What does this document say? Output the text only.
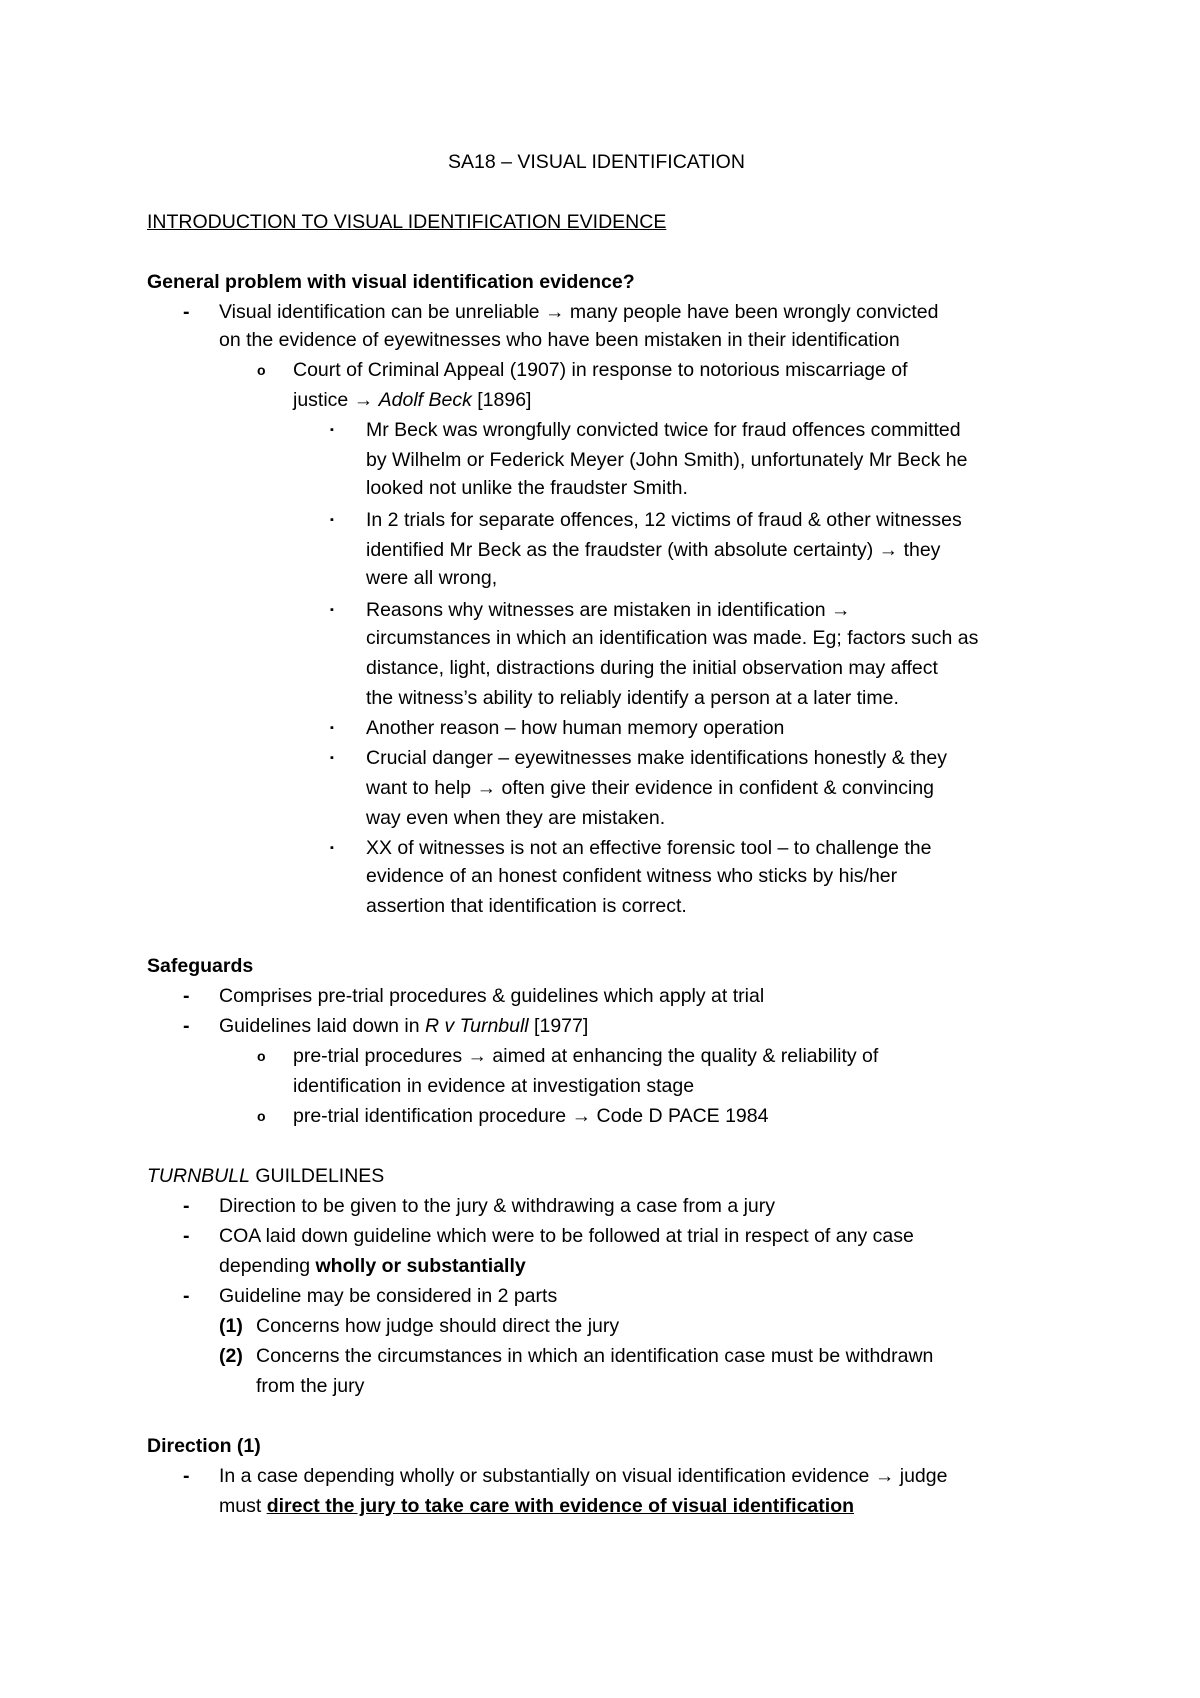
SA18 – VISUAL IDENTIFICATION
INTRODUCTION TO VISUAL IDENTIFICATION EVIDENCE
General problem with visual identification evidence?
- Visual identification can be unreliable → many people have been wrongly convicted
on the evidence of eyewitnesses who have been mistaken in their identification
o Court of Criminal Appeal (1907) in response to notorious miscarriage of
justice → Adolf Beck [1896]
▪ Mr Beck was wrongfully convicted twice for fraud offences committed
by Wilhelm or Federick Meyer (John Smith), unfortunately Mr Beck he
looked not unlike the fraudster Smith.
▪ In 2 trials for separate offences, 12 victims of fraud & other witnesses
identified Mr Beck as the fraudster (with absolute certainty) → they
were all wrong,
▪ Reasons why witnesses are mistaken in identification →
circumstances in which an identification was made. Eg; factors such as
distance, light, distractions during the initial observation may affect
the witness’s ability to reliably identify a person at a later time.
▪ Another reason – how human memory operation
▪ Crucial danger – eyewitnesses make identifications honestly & they
want to help → often give their evidence in confident & convincing
way even when they are mistaken.
▪ XX of witnesses is not an effective forensic tool – to challenge the
evidence of an honest confident witness who sticks by his/her
assertion that identification is correct.
Safeguards
- Comprises pre-trial procedures & guidelines which apply at trial
- Guidelines laid down in R v Turnbull [1977]
o pre-trial procedures → aimed at enhancing the quality & reliability of
identification in evidence at investigation stage
o pre-trial identification procedure → Code D PACE 1984
TURNBULL GUILDELINES
- Direction to be given to the jury & withdrawing a case from a jury
- COA laid down guideline which were to be followed at trial in respect of any case
depending wholly or substantially
- Guideline may be considered in 2 parts
(1) Concerns how judge should direct the jury
(2) Concerns the circumstances in which an identification case must be withdrawn
from the jury
Direction (1)
- In a case depending wholly or substantially on visual identification evidence → judge
must direct the jury to take care with evidence of visual identification
